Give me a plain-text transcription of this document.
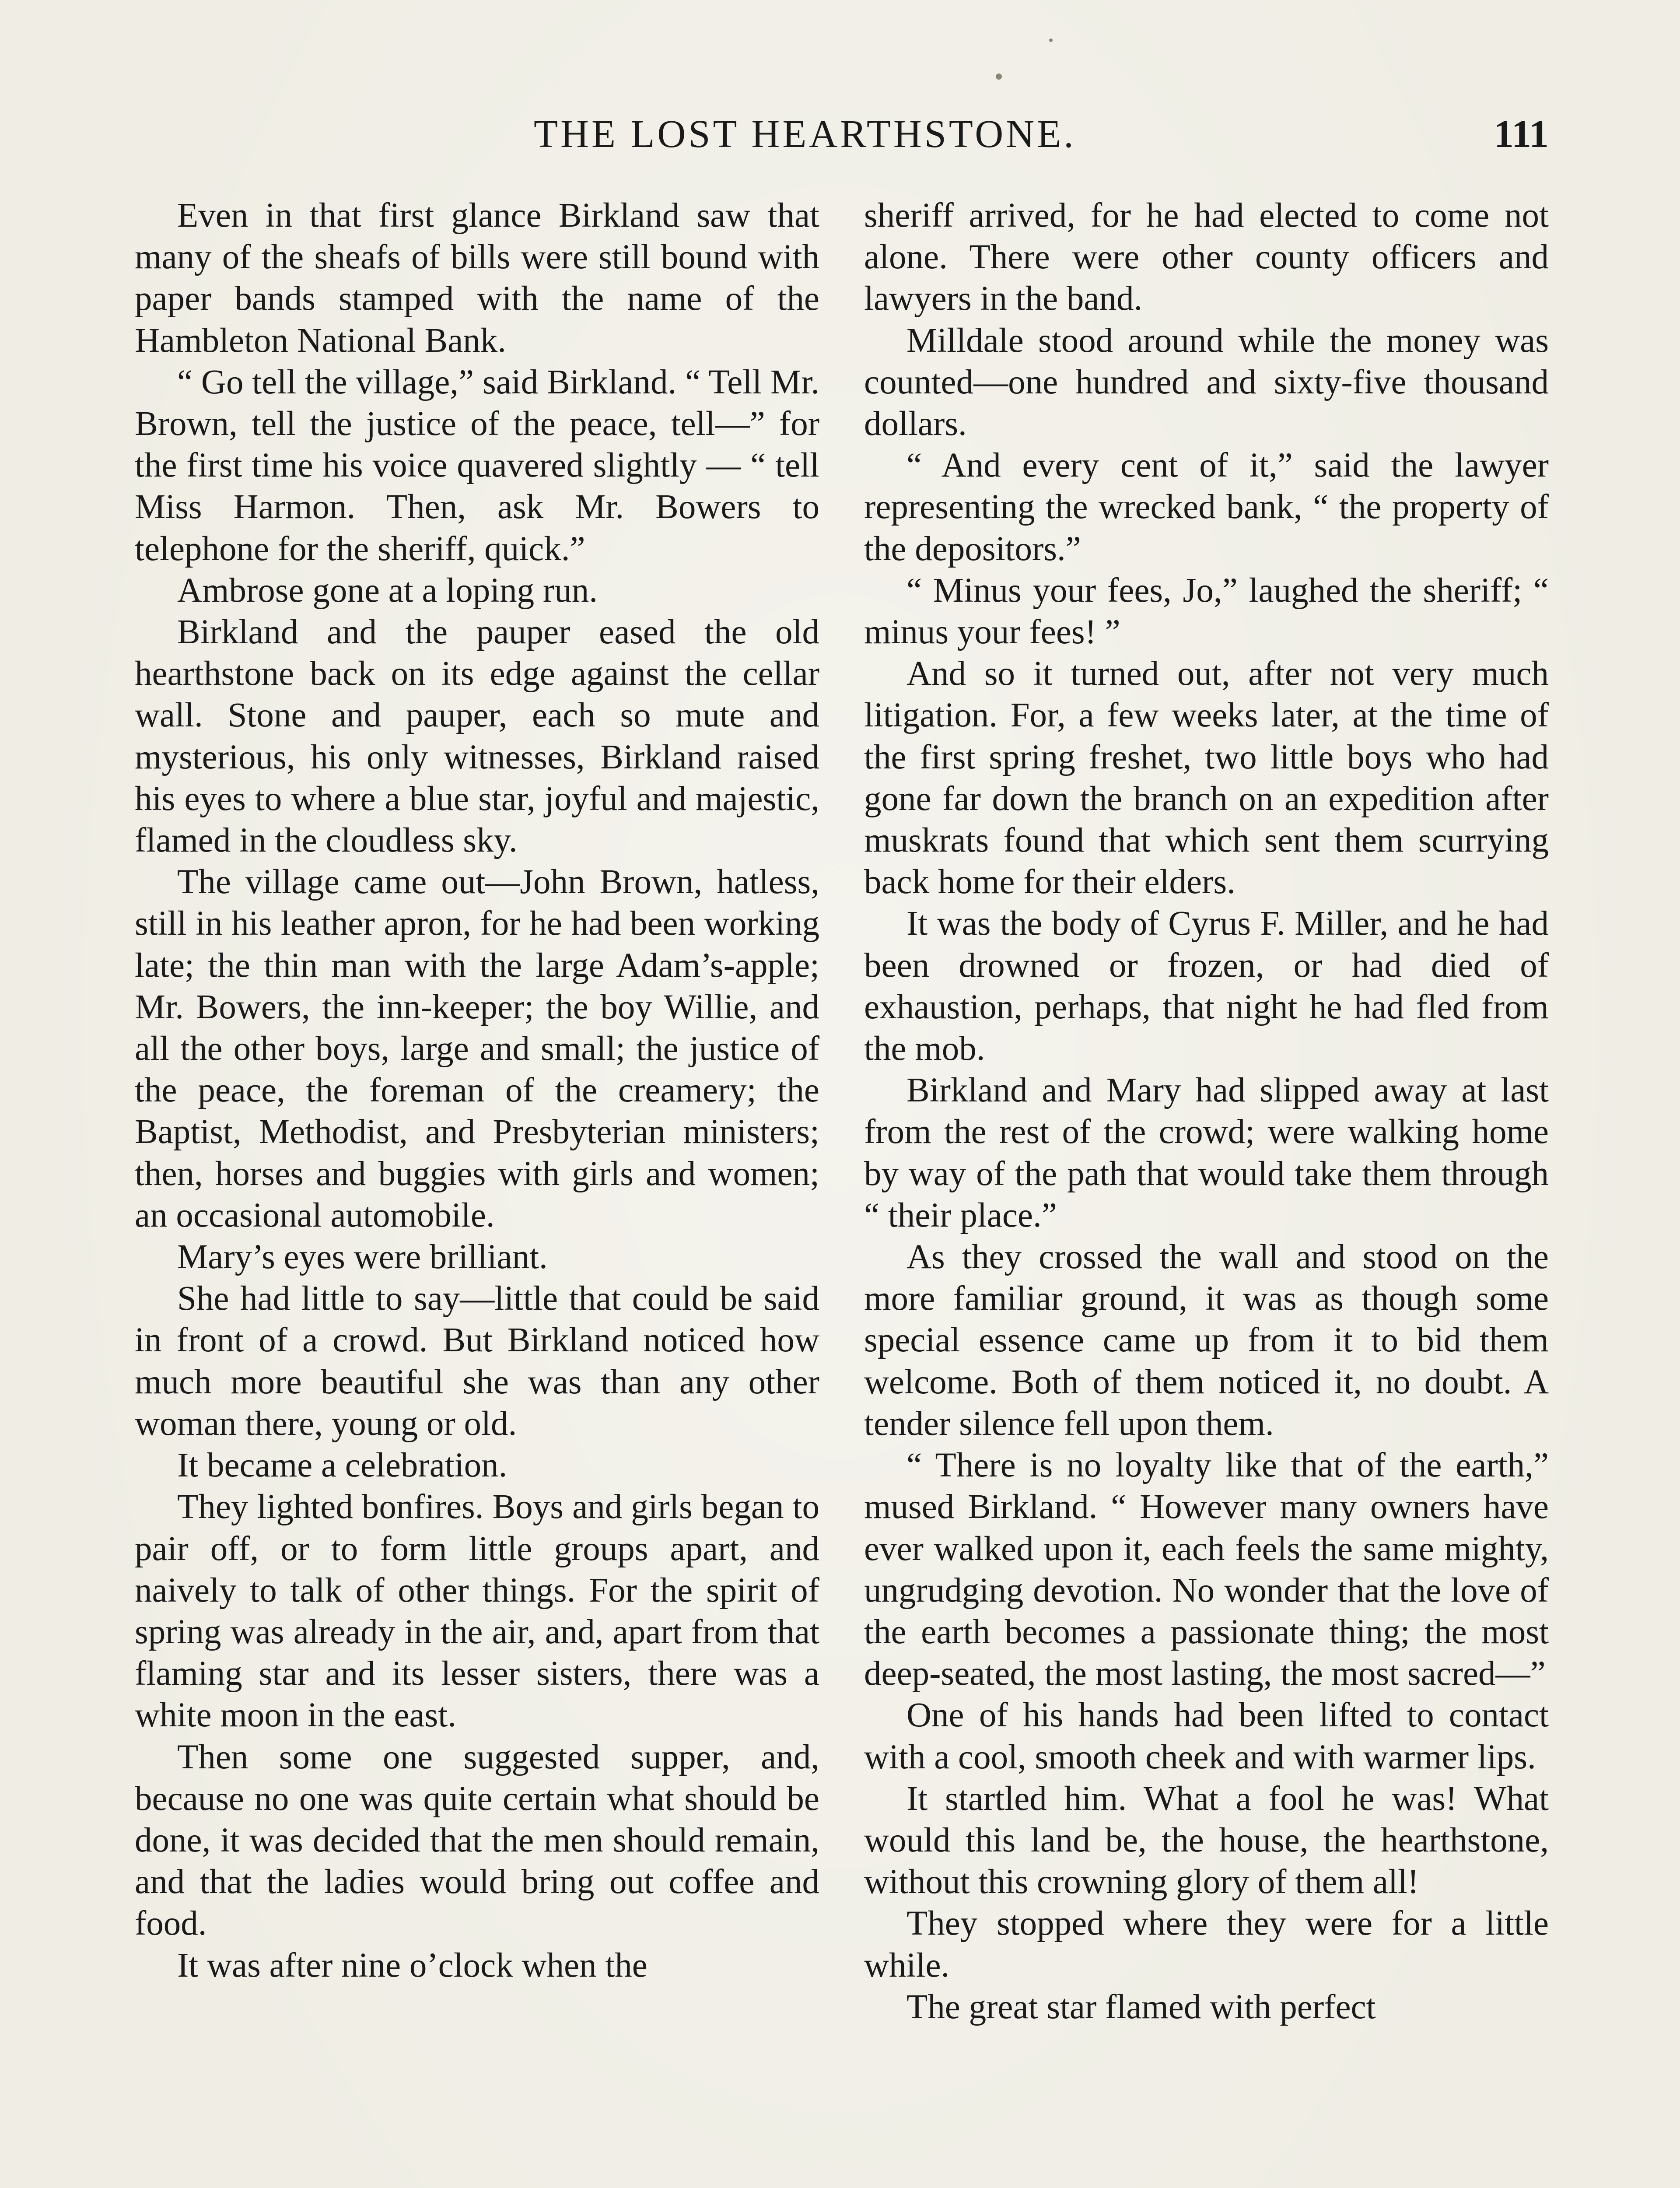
THE LOST HEARTHSTONE.	111

Even in that first glance Birkland saw that many of the sheafs of bills were still bound with paper bands stamped with the name of the Hambleton National Bank.

“ Go tell the village,” said Birkland. “ Tell Mr. Brown, tell the justice of the peace, tell—” for the first time his voice quavered slightly — “ tell Miss Harmon. Then, ask Mr. Bowers to telephone for the sheriff, quick.”

Ambrose gone at a loping run.

Birkland and the pauper eased the old hearthstone back on its edge against the cellar wall. Stone and pauper, each so mute and mysterious, his only witnesses, Birkland raised his eyes to where a blue star, joyful and majestic, flamed in the cloudless sky.

The village came out—John Brown, hatless, still in his leather apron, for he had been working late; the thin man with the large Adam’s-apple; Mr. Bowers, the inn-keeper; the boy Willie, and all the other boys, large and small; the justice of the peace, the foreman of the creamery; the Baptist, Methodist, and Presbyterian ministers; then, horses and buggies with girls and women; an occasional automobile.

Mary’s eyes were brilliant.

She had little to say—little that could be said in front of a crowd. But Birkland noticed how much more beautiful she was than any other woman there, young or old.

It became a celebration.

They lighted bonfires. Boys and girls began to pair off, or to form little groups apart, and naively to talk of other things. For the spirit of spring was already in the air, and, apart from that flaming star and its lesser sisters, there was a white moon in the east.

Then some one suggested supper, and, because no one was quite certain what should be done, it was decided that the men should remain, and that the ladies would bring out coffee and food.

It was after nine o’clock when the

sheriff arrived, for he had elected to come not alone. There were other county officers and lawyers in the band.

Milldale stood around while the money was counted—one hundred and sixty-five thousand dollars.

“ And every cent of it,” said the lawyer representing the wrecked bank, “ the property of the depositors.”

“ Minus your fees, Jo,” laughed the sheriff; “ minus your fees! ”

And so it turned out, after not very much litigation. For, a few weeks later, at the time of the first spring freshet, two little boys who had gone far down the branch on an expedition after muskrats found that which sent them scurrying back home for their elders.

It was the body of Cyrus F. Miller, and he had been drowned or frozen, or had died of exhaustion, perhaps, that night he had fled from the mob.

Birkland and Mary had slipped away at last from the rest of the crowd; were walking home by way of the path that would take them through “ their place.”

As they crossed the wall and stood on the more familiar ground, it was as though some special essence came up from it to bid them welcome. Both of them noticed it, no doubt. A tender silence fell upon them.

“ There is no loyalty like that of the earth,” mused Birkland. “ However many owners have ever walked upon it, each feels the same mighty, ungrudging devotion. No wonder that the love of the earth becomes a passionate thing; the most deep-seated, the most lasting, the most sacred—”

One of his hands had been lifted to contact with a cool, smooth cheek and with warmer lips.

It startled him. What a fool he was! What would this land be, the house, the hearthstone, without this crowning glory of them all!

They stopped where they were for a little while.

The great star flamed with perfect
